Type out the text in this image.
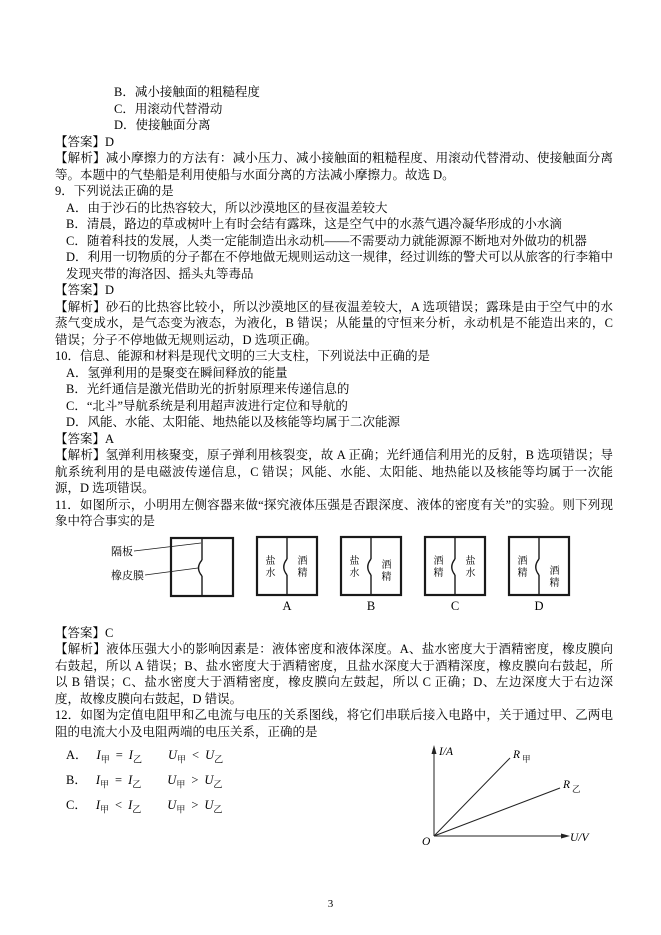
B．减小接触面的粗糙程度
C．用滚动代替滑动
D．使接触面分离
【答案】D
【解析】减小摩擦力的方法有：减小压力、减小接触面的粗糙程度、用滚动代替滑动、使接触面分离等。本题中的气垫船是利用使船与水面分离的方法减小摩擦力。故选 D。
9．下列说法正确的是
A．由于沙石的比热容较大，所以沙漠地区的昼夜温差较大
B．清晨，路边的草或树叶上有时会结有露珠，这是空气中的水蒸气遇冷凝华形成的小水滴
C．随着科技的发展，人类一定能制造出永动机——不需要动力就能源源不断地对外做功的机器
D．利用一切物质的分子都在不停地做无规则运动这一规律，经过训练的警犬可以从旅客的行李箱中发现夹带的海洛因、摇头丸等毒品
【答案】D
【解析】砂石的比热容比较小，所以沙漠地区的昼夜温差较大，A 选项错误；露珠是由于空气中的水蒸气变成水，是气态变为液态，为液化，B 错误；从能量的守恒来分析，永动机是不能造出来的，C 错误；分子不停地做无规则运动，D 选项正确。
10．信息、能源和材料是现代文明的三大支柱，下列说法中正确的是
A．氢弹利用的是聚变在瞬间释放的能量
B．光纤通信是激光借助光的折射原理来传递信息的
C．“北斗”导航系统是利用超声波进行定位和导航的
D．风能、水能、太阳能、地热能以及核能等均属于二次能源
【答案】A
【解析】氢弹利用核聚变，原子弹利用核裂变，故 A 正确；光纤通信利用光的反射，B 选项错误；导航系统利用的是电磁波传递信息，C 错误；风能、水能、太阳能、地热能以及核能等均属于一次能源，D 选项错误。
11．如图所示，小明用左侧容器来做“探究液体压强是否跟深度、液体的密度有关”的实验。则下列现象中符合事实的是
隔板
橡皮膜	盐水 酒精
A
盐水 酒精
B
酒精 盐水
C
酒精 酒精
D
【答案】C
【解析】液体压强大小的影响因素是：液体密度和液体深度。A、盐水密度大于酒精密度，橡皮膜向右鼓起，所以 A 错误；B、盐水密度大于酒精密度，且盐水深度大于酒精深度，橡皮膜向右鼓起，所以 B 错误；C、盐水密度大于酒精密度，橡皮膜向左鼓起，所以 C 正确；D、左边深度大于右边深度，故橡皮膜向右鼓起，D 错误。
12．如图为定值电阻甲和乙电流与电压的关系图线，将它们串联后接入电路中，关于通过甲、乙两电阻的电流大小及电阻两端的电压关系，正确的是
A． $I_甲 = I_乙$ $U_甲 < U_乙$
B． $I_甲 = I_乙$ $U_甲 > U_乙$
C． $I_甲 < I_乙$ $U_甲 > U_乙$
I/A
U/V
O
R 甲
R 乙
3
